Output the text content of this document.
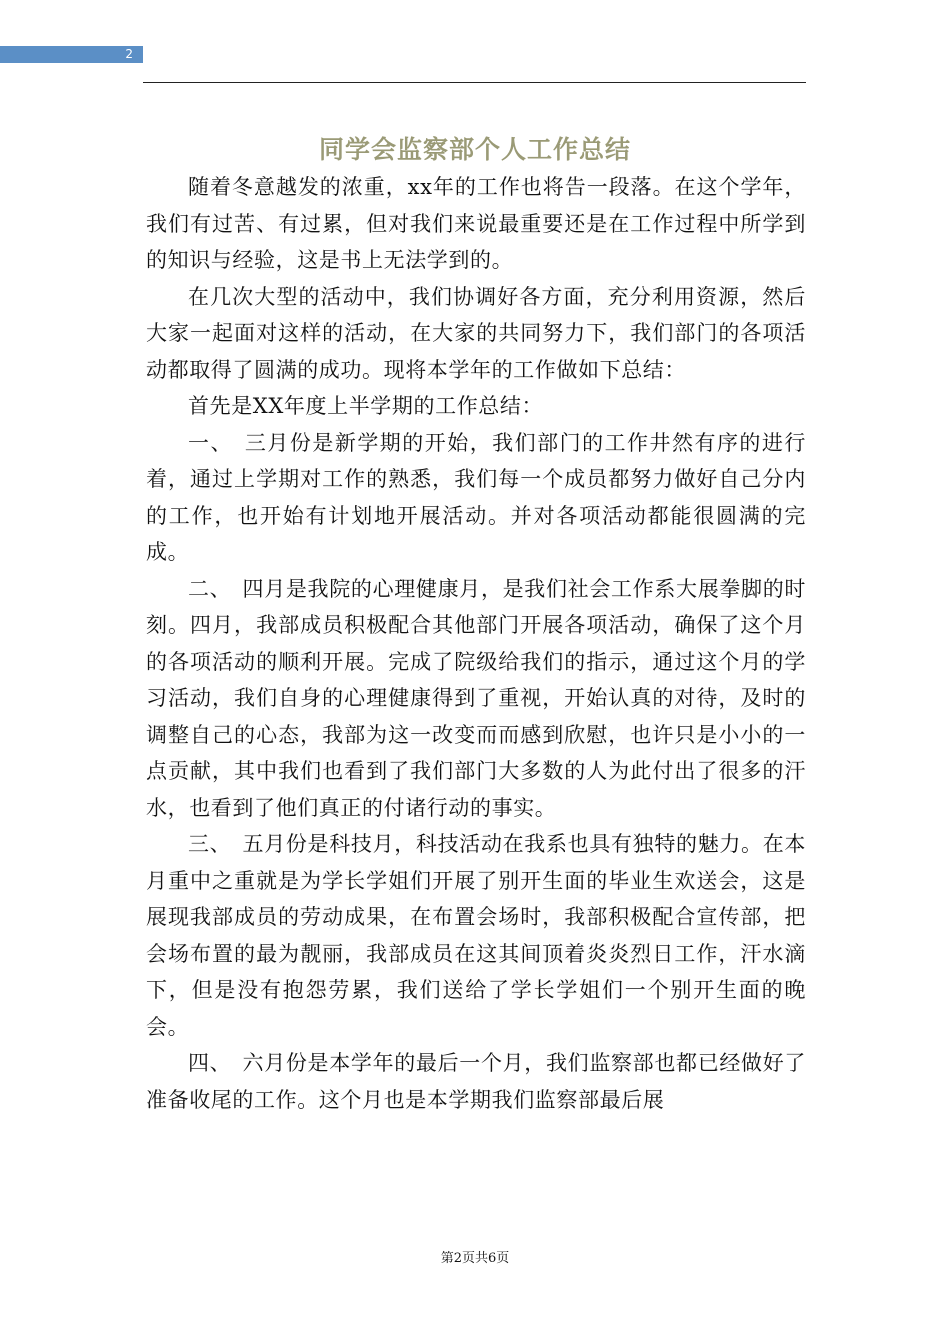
2
同学会监察部个人工作总结

随着冬意越发的浓重，xx年的工作也将告一段落。在这个学年，我们有过苦、有过累，但对我们来说最重要还是在工作过程中所学到的知识与经验，这是书上无法学到的。

在几次大型的活动中，我们协调好各方面，充分利用资源，然后大家一起面对这样的活动，在大家的共同努力下，我们部门的各项活动都取得了圆满的成功。现将本学年的工作做如下总结：

首先是XX年度上半学期的工作总结：

一、　三月份是新学期的开始，我们部门的工作井然有序的进行着，通过上学期对工作的熟悉，我们每一个成员都努力做好自己分内的工作，也开始有计划地开展活动。并对各项活动都能很圆满的完成。

二、　四月是我院的心理健康月，是我们社会工作系大展拳脚的时刻。四月，我部成员积极配合其他部门开展各项活动，确保了这个月的各项活动的顺利开展。完成了院级给我们的指示，通过这个月的学习活动，我们自身的心理健康得到了重视，开始认真的对待，及时的调整自己的心态，我部为这一改变而而感到欣慰，也许只是小小的一点贡献，其中我们也看到了我们部门大多数的人为此付出了很多的汗水，也看到了他们真正的付诸行动的事实。

三、　五月份是科技月，科技活动在我系也具有独特的魅力。在本月重中之重就是为学长学姐们开展了别开生面的毕业生欢送会，这是展现我部成员的劳动成果，在布置会场时，我部积极配合宣传部，把会场布置的最为靓丽，我部成员在这其间顶着炎炎烈日工作，汗水滴下，但是没有抱怨劳累，我们送给了学长学姐们一个别开生面的晚会。

四、　六月份是本学年的最后一个月，我们监察部也都已经做好了准备收尾的工作。这个月也是本学期我们监察部最后展

第2页共6页
